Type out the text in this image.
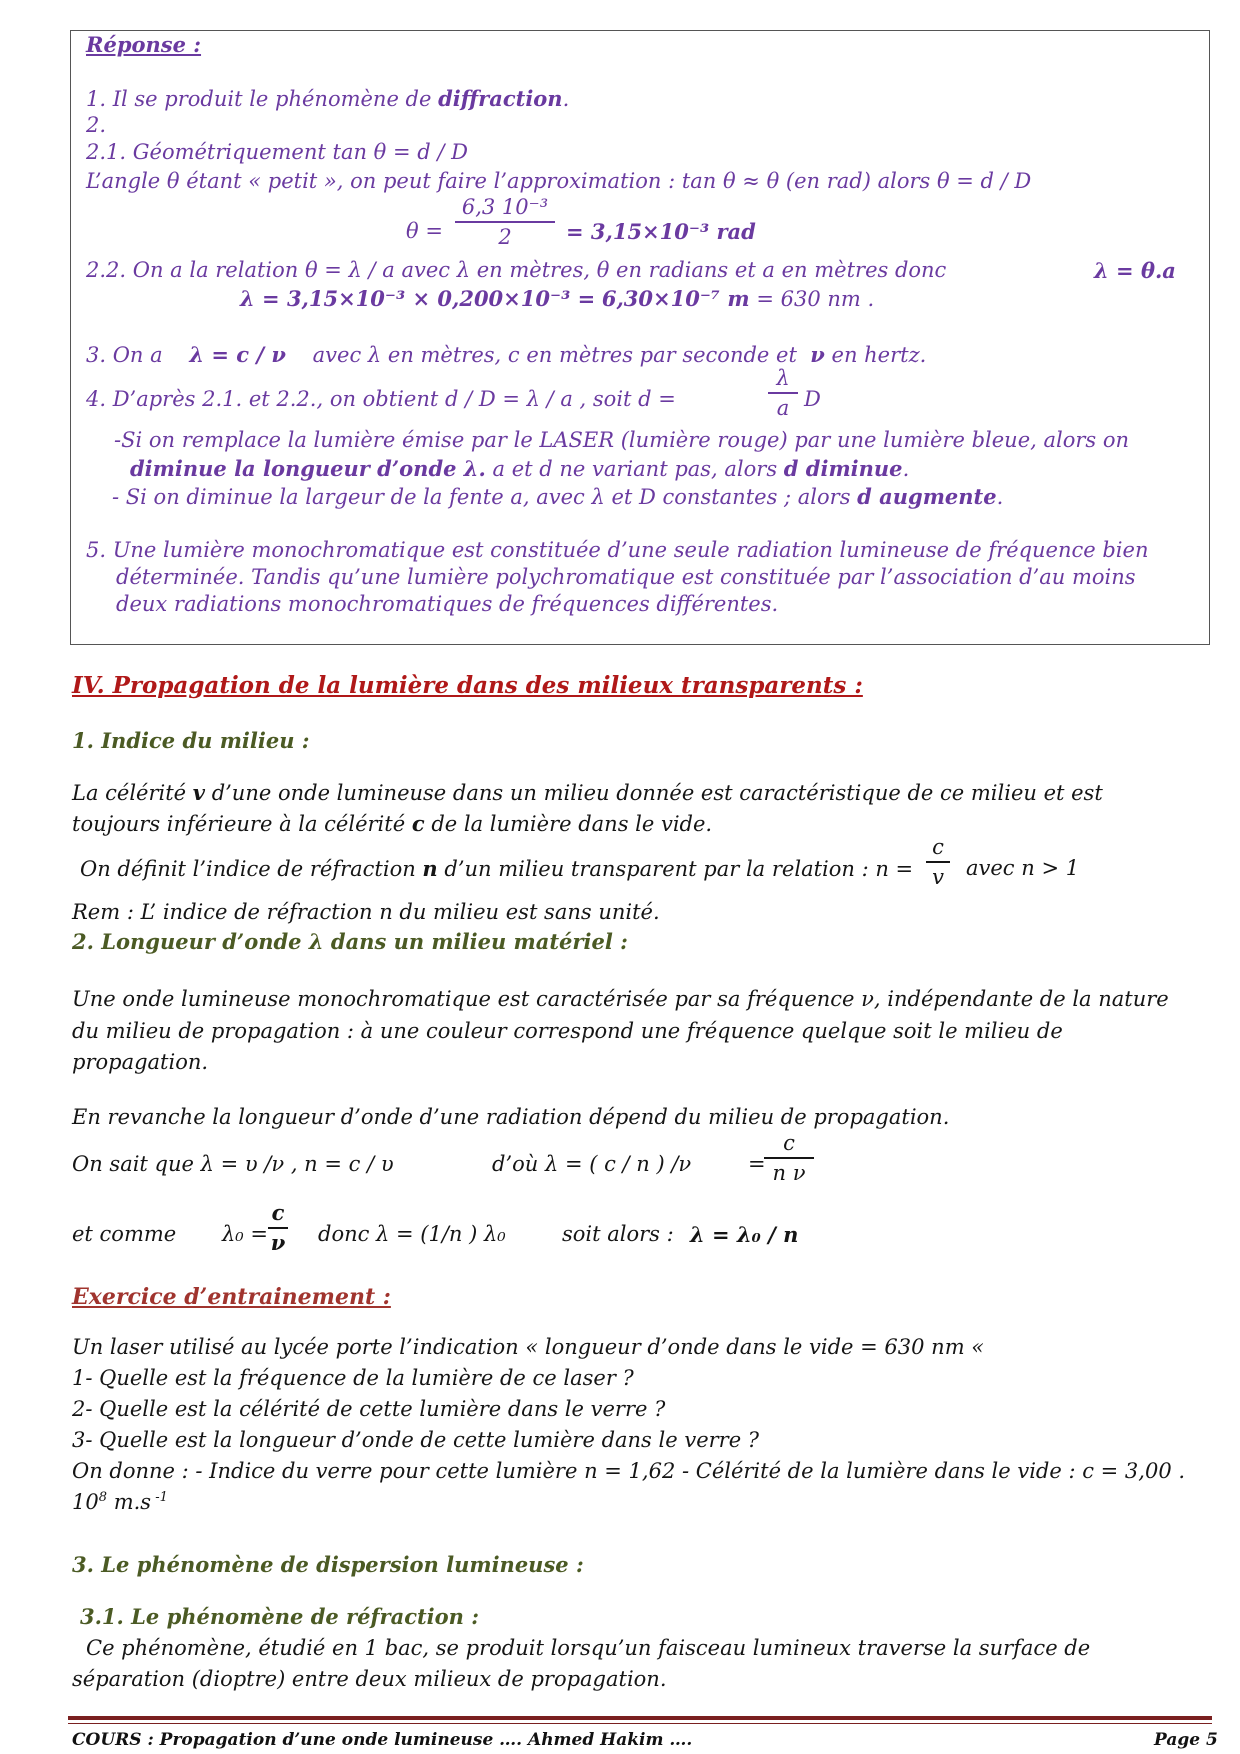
Réponse :
1. Il se produit le phénomène de diffraction.
2.
2.1. Géométriquement tan θ = d / D
L’angle θ étant « petit », on peut faire l’approximation : tan θ ≈ θ (en rad) alors θ = d / D
θ =
6,3 10⁻³
2	= 3,15×10⁻³ rad
2.2. On a la relation θ = λ / a avec λ en mètres, θ en radians et a en mètres donc	λ = θ.a
λ = 3,15×10⁻³ × 0,200×10⁻³ = 6,30×10⁻⁷ m = 630 nm .
3. On a λ = c / ν avec λ en mètres, c en mètres par seconde et ν en hertz.
4. D’après 2.1. et 2.2., on obtient d / D = λ / a , soit d =
λ
a D
-Si on remplace la lumière émise par le LASER (lumière rouge) par une lumière bleue, alors on
diminue la longueur d’onde λ. a et d ne variant pas, alors d diminue.
- Si on diminue la largeur de la fente a, avec λ et D constantes ; alors d augmente.
5. Une lumière monochromatique est constituée d’une seule radiation lumineuse de fréquence bien
déterminée. Tandis qu’une lumière polychromatique est constituée par l’association d’au moins
deux radiations monochromatiques de fréquences différentes.
IV. Propagation de la lumière dans des milieux transparents :
1. Indice du milieu :
La célérité v d’une onde lumineuse dans un milieu donnée est caractéristique de ce milieu et est
toujours inférieure à la célérité c de la lumière dans le vide.
On définit l’indice de réfraction n d’un milieu transparent par la relation : n =
c
v avec n > 1
Rem : L’ indice de réfraction n du milieu est sans unité.
2. Longueur d’onde λ dans un milieu matériel :
Une onde lumineuse monochromatique est caractérisée par sa fréquence ν, indépendante de la nature
du milieu de propagation : à une couleur correspond une fréquence quelque soit le milieu de
propagation.
En revanche la longueur d’onde d’une radiation dépend du milieu de propagation.
On sait que λ = υ /ν , n = c / υ	d’où λ = ( c / n ) /ν	=
c
n ν
et comme λ₀ =
c
ν donc λ = (1/n ) λ₀	soit alors : λ = λ₀ / n
Exercice d’entrainement :
Un laser utilisé au lycée porte l’indication « longueur d’onde dans le vide = 630 nm «
1- Quelle est la fréquence de la lumière de ce laser ?
2- Quelle est la célérité de cette lumière dans le verre ?
3- Quelle est la longueur d’onde de cette lumière dans le verre ?
On donne : - Indice du verre pour cette lumière n = 1,62 - Célérité de la lumière dans le vide : c = 3,00 .
$10^8$ m.s $^{-1}$
3. Le phénomène de dispersion lumineuse :
3.1. Le phénomène de réfraction :
Ce phénomène, étudié en 1 bac, se produit lorsqu’un faisceau lumineux traverse la surface de
séparation (dioptre) entre deux milieux de propagation.
COURS : Propagation d’une onde lumineuse …. Ahmed Hakim ….	Page 5
